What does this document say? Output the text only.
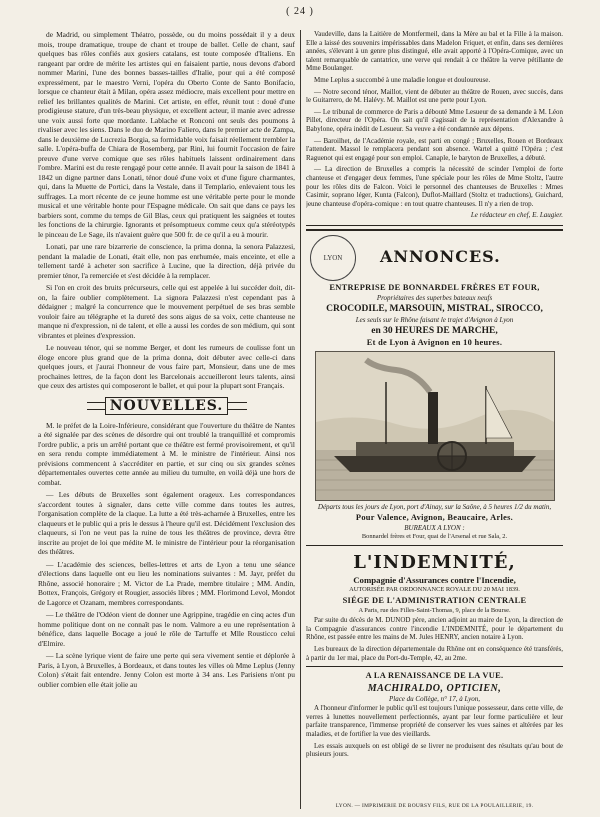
( 24 )

de Madrid, ou simplement Théatro, possède, ou du moins possédait il y a deux mois, troupe dramatique, troupe de chant et troupe de ballet. Celle de chant, sauf quelques bas rôles confiés aux gosiers catalans, est toute composée d'Italiens. En rangeant par ordre de mérite les artistes qui en faisaient partie, nous devons d'abord nommer Marini, l'une des bonnes basses-tailles d'Italie, pour qui a été composé expressément, par le maestro Verni, l'opéra du Oberto Conte de Santo Bonifacio, lorsque ce chanteur était à Milan, opéra assez médiocre, mais excellent pour mettre en relief les brillantes qualités de Marini. Cet artiste, en effet, réunit tout : doué d'une prodigieuse stature, d'un très-beau physique, et excellent acteur, il manie avec adresse une voix aussi forte que mordante. Lablache et Ronconi ont seuls des poumons à rivaliser avec les siens. Dans le duo de Marino Faliero, dans le premier acte de Zampa, dans le deuxième de Lucrezia Borgia, sa formidable voix faisait réellement trembler la salle. L'opéra-buffa de Chiara de Rosemberg, par Rini, lui fournit l'occasion de faire preuve d'une verve comique que ses rôles habituels laissent ordinairement dans l'ombre. Marini est du reste rengagé pour cette année. Il avait pour la saison de 1841 à 1842 un digne partner dans Lonati, ténor doué d'une voix et d'une figure charmantes, qui, dans la Muette de Portici, dans la Vestale, dans il Templario, enlevaient tous les suffrages. La mort récente de ce jeune homme est une véritable perte pour le monde musical et une véritable honte pour l'Espagne médicale. On sait que dans ce pays les barbiers sont, comme du temps de Gil Blas, ceux qui pratiquent les saignées et toutes les fonctions de la chirurgie. Ignorants et présomptueux comme ceux qu'a stéréotypés le pinceau de Le Sage, ils n'avaient guère que 500 fr. de ce qu'il a eu à mourir.

Lonati, par une rare bizarrerie de conscience, la prima donna, la senora Palazzesi, pendant la maladie de Lonati, était elle, non pas enrhumée, mais enceinte, et elle a tellement tardé à acheter son sacrifice à Lucine, que la direction, déjà privée du premier ténor, l'a remerciée et s'est décidée à la remplacer.

Si l'on en croit des bruits précurseurs, celle qui est appelée à lui succéder doit, dit-on, la faire oublier complètement. La signora Palazzesi n'est cependant pas à dédaigner ; malgré la concurrence que le mouvement perpétuel de ses bras semble vouloir faire au télégraphe et la dureté des sons aigus de sa voix, cette chanteuse ne manque ni d'expression, ni de talent, et elle a aussi les cordes de son médium, qui sont vibrantes et pleines d'expression.

Le nouveau ténor, qui se nomme Berger, et dont les rumeurs de coulisse font un éloge encore plus grand que de la prima donna, doit débuter avec celle-ci dans quelques jours, et j'aurai l'honneur de vous faire part, Monsieur, dans une de mes prochaines lettres, de la façon dont les Barcelonais accueilleront leurs talents, ainsi que ceux des artistes qui composeront le ballet, et qui pour la plupart sont Français.

NOUVELLES.

M. le préfet de la Loire-Inférieure, considérant que l'ouverture du théâtre de Nantes a été signalée par des scènes de désordre qui ont troublé la tranquillité et compromis l'ordre public, a pris un arrêté portant que ce théâtre est fermé provisoirement, et qu'il en sera rendu compte immédiatement à M. le ministre de l'intérieur. Ainsi nos prévisions commencent à s'accréditer en partie, et sur cinq ou six grandes scènes départementales ouvertes cette année au milieu du tumulte, en voilà déjà une hors de combat.

— Les débuts de Bruxelles sont également orageux. Les correspondances s'accordent toutes à signaler, dans cette ville comme dans toutes les autres, l'organisation complète de la claque. La lutte a été très-acharnée à Bruxelles, entre les claqueurs et le public qui a pris le dessus à l'heure qu'il est. Décidément l'exclusion des claqueurs, si l'on ne veut pas la ruine de tous les théâtres de province, devra être inscrite au projet de loi que médite M. le ministre de l'intérieur pour la réorganisation des théâtres.

— L'académie des sciences, belles-lettres et arts de Lyon a tenu une séance d'élections dans laquelle ont eu lieu les nominations suivantes : M. Jayr, préfet du Rhône, associé honoraire ; M. Victor de La Prade, membre titulaire ; MM. Andin, Bottex, François, Grégory et Rougier, associés libres ; MM. Florimond Levol, Mondot de Lagorce et Ozanam, membres correspondants.

— Le théâtre de l'Odéon vient de donner une Agrippine, tragédie en cinq actes d'un homme politique dont on ne connaît pas le nom. Valmore a eu une représentation à bénéfice, dans laquelle Bocage a joué le rôle de Tartuffe et Mlle Rousticco celui d'Elmire.

— La scène lyrique vient de faire une perte qui sera vivement sentie et déplorée à Paris, à Lyon, à Bruxelles, à Bordeaux, et dans toutes les villes où Mme Leplus (Jenny Colon) s'était fait entendre. Jenny Colon est morte à 34 ans. Les Parisiens n'ont pu oublier combien elle était jolie au

Vaudeville, dans la Laitière de Montfermeil, dans la Mère au bal et la Fille à la maison. Elle a laissé des souvenirs impérissables dans Madelon Friquet, et enfin, dans ses dernières années, s'élevant à un genre plus distingué, elle avait apporté à l'Opéra-Comique, avec un talent remarquable de cantatrice, une verve qui rendait à ce théâtre la verve pétillante de Mme Boulanger.

Mme Leplus a succombé à une maladie longue et douloureuse.

— Notre second ténor, Maillot, vient de débuter au théâtre de Rouen, avec succès, dans le Guitarrero, de M. Halévy. M. Maillot est une perte pour Lyon.

— Le tribunal de commerce de Paris a débouté Mme Lesueur de sa demande à M. Léon Pillet, directeur de l'Opéra. On sait qu'il s'agissait de la représentation d'Alexandre à Babylone, opéra inédit de Lesueur. Sa veuve a été condamnée aux dépens.

— Baroilhet, de l'Académie royale, est parti en congé ; Bruxelles, Rouen et Bordeaux l'attendent. Massol le remplacera pendant son absence. Wartel a quitté l'Opéra ; c'est Raguenot qui est engagé pour son emploi. Canaple, le baryton de Bruxelles, a débuté.

— La direction de Bruxelles a compris la nécessité de scinder l'emploi de forte chanteuse et d'engager deux femmes, l'une spéciale pour les rôles de Mme Stoltz, l'autre pour les rôles dits de Falcon. Voici le personnel des chanteuses de Bruxelles : Mmes Casimir, soprano léger, Kunta (Falcon), Duflot-Maillard (Stoltz et traductions), Guichard, jeune chanteuse d'opéra-comique : en tout quatre chanteuses. Il n'y a rien de trop.

Le rédacteur en chef, E. Laugier.
LYON ANNONCES.
ENTREPRISE DE BONNARDEL FRÈRES ET FOUR,
Propriétaires des superbes bateaux neufs
CROCODILE, MARSOUIN, MISTRAL, SIROCCO,
Les seuls sur le Rhône faisant le trajet d'Avignon à Lyon
en 30 HEURES DE MARCHE,
Et de Lyon à Avignon en 10 heures.
Départs tous les jours de Lyon, port d'Ainay, sur la Saône, à 5 heures 1/2 du matin,
Pour Valence, Avignon, Beaucaire, Arles.
BUREAUX A LYON :
Bonnardel frères et Four, quai de l'Arsenal et rue Sala, 2.
L'INDEMNITÉ,
Compagnie d'Assurances contre l'Incendie,
AUTORISÉE PAR ORDONNANCE ROYALE DU 20 MAI 1839.
SIÉGE DE L'ADMINISTRATION CENTRALE
A Paris, rue des Filles-Saint-Thomas, 9, place de la Bourse.

Par suite du décès de M. DUNOD père, ancien adjoint au maire de Lyon, la direction de la Compagnie d'assurances contre l'incendie L'INDEMNITÉ, pour le département du Rhône, est passée entre les mains de M. Jules HENRY, ancien notaire à Lyon.

Les bureaux de la direction départementale du Rhône ont en conséquence été transférés, à partir du 1er mai, place du Port-du-Temple, 42, au 2me.

A LA RENAISSANCE DE LA VUE.
MACHIRALDO, OPTICIEN,
Place du Collège, n° 17, à Lyon,

A l'honneur d'informer le public qu'il est toujours l'unique possesseur, dans cette ville, de verres à lunettes nouvellement perfectionnés, ayant par leur forme particulière et leur parfaite transparence, l'immense propriété de conserver les vues saines et altérées par les maladies, et de fortifier la vue des vieillards.

Les essais auxquels on est obligé de se livrer ne produisent des résultats qu'au bout de plusieurs jours.

LYON. — IMPRIMERIE DE BOURSY FILS, RUE DE LA POULAILLERIE, 19.
